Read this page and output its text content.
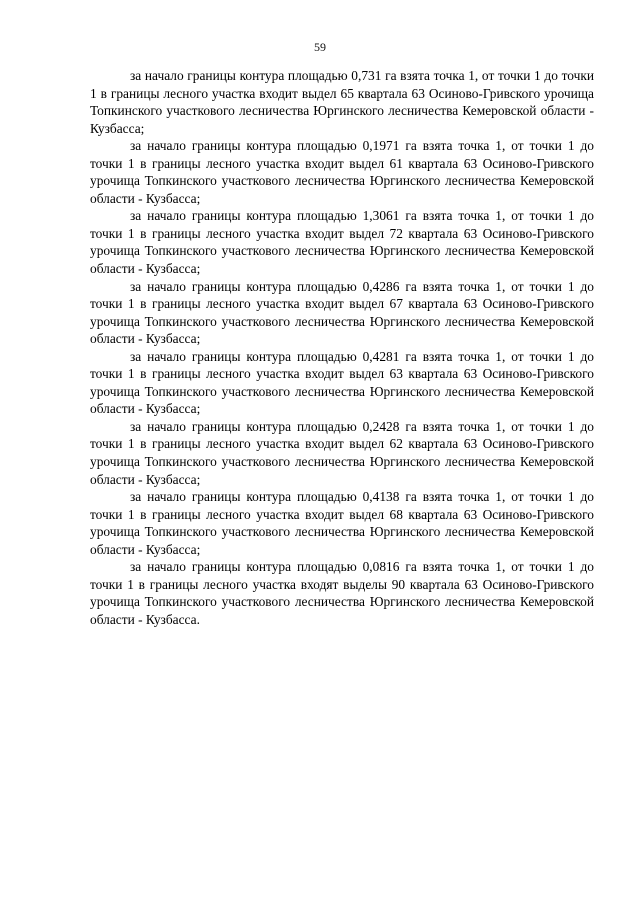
59

за начало границы контура площадью 0,731 га взята точка 1, от точки 1 до точки 1 в границы лесного участка входит выдел 65 квартала 63 Осиново-Гривского урочища Топкинского участкового лесничества Юргинского лесничества Кемеровской области - Кузбасса;

за начало границы контура площадью 0,1971 га взята точка 1, от точки 1 до точки 1 в границы лесного участка входит выдел 61 квартала 63 Осиново-Гривского урочища Топкинского участкового лесничества Юргинского лесничества Кемеровской области - Кузбасса;

за начало границы контура площадью 1,3061 га взята точка 1, от точки 1 до точки 1 в границы лесного участка входит выдел 72 квартала 63 Осиново-Гривского урочища Топкинского участкового лесничества Юргинского лесничества Кемеровской области - Кузбасса;

за начало границы контура площадью 0,4286 га взята точка 1, от точки 1 до точки 1 в границы лесного участка входит выдел 67 квартала 63 Осиново-Гривского урочища Топкинского участкового лесничества Юргинского лесничества Кемеровской области - Кузбасса;

за начало границы контура площадью 0,4281 га взята точка 1, от точки 1 до точки 1 в границы лесного участка входит выдел 63 квартала 63 Осиново-Гривского урочища Топкинского участкового лесничества Юргинского лесничества Кемеровской области - Кузбасса;

за начало границы контура площадью 0,2428 га взята точка 1, от точки 1 до точки 1 в границы лесного участка входит выдел 62 квартала 63 Осиново-Гривского урочища Топкинского участкового лесничества Юргинского лесничества Кемеровской области - Кузбасса;

за начало границы контура площадью 0,4138 га взята точка 1, от точки 1 до точки 1 в границы лесного участка входит выдел 68 квартала 63 Осиново-Гривского урочища Топкинского участкового лесничества Юргинского лесничества Кемеровской области - Кузбасса;

за начало границы контура площадью 0,0816 га взята точка 1, от точки 1 до точки 1 в границы лесного участка входят выделы 90 квартала 63 Осиново-Гривского урочища Топкинского участкового лесничества Юргинского лесничества Кемеровской области - Кузбасса.
